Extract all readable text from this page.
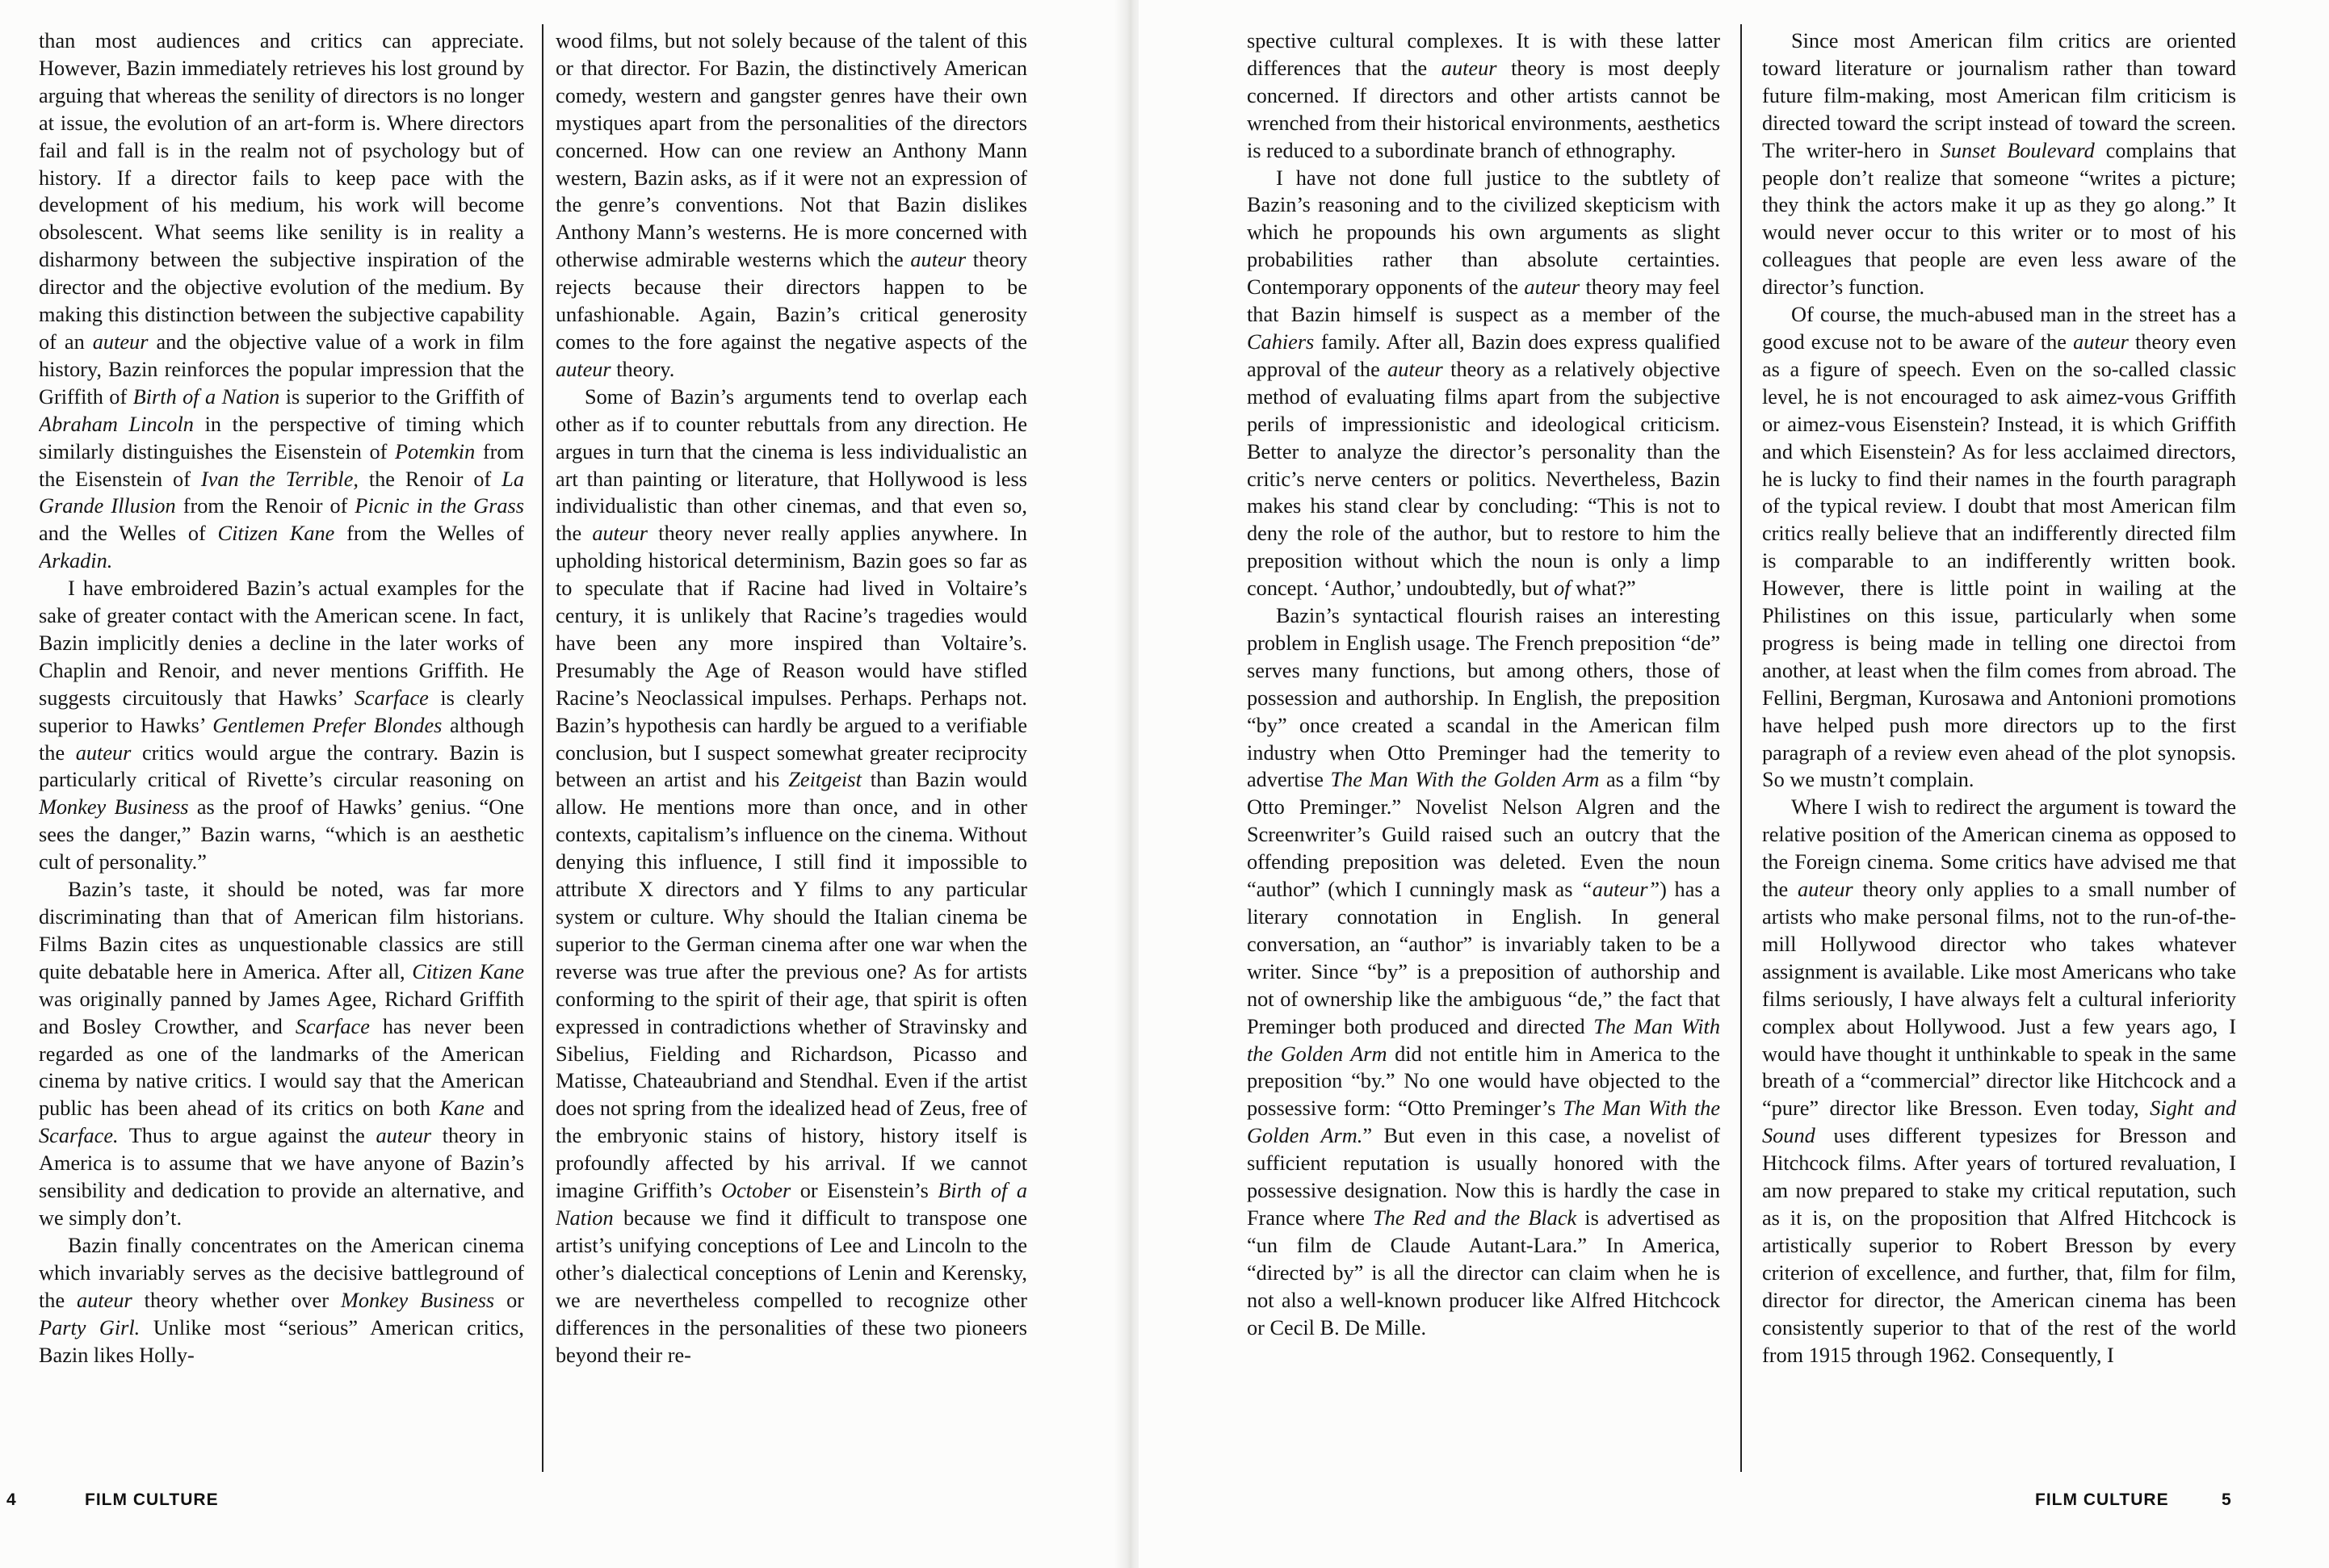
than most audiences and critics can appreciate. However, Bazin immediately retrieves his lost ground by arguing that whereas the senility of directors is no longer at issue, the evolution of an art-form is. Where directors fail and fall is in the realm not of psychology but of history. If a director fails to keep pace with the development of his medium, his work will become obsolescent. What seems like senility is in reality a disharmony between the subjective inspiration of the director and the objective evolution of the medium. By making this distinction between the subjective capability of an auteur and the objective value of a work in film history, Bazin reinforces the popular impression that the Griffith of Birth of a Nation is superior to the Griffith of Abraham Lincoln in the perspective of timing which similarly distinguishes the Eisenstein of Potemkin from the Eisenstein of Ivan the Terrible, the Renoir of La Grande Illusion from the Renoir of Picnic in the Grass and the Welles of Citizen Kane from the Welles of Arkadin.

I have embroidered Bazin’s actual examples for the sake of greater contact with the American scene. In fact, Bazin implicitly denies a decline in the later works of Chaplin and Renoir, and never mentions Griffith. He suggests circuitously that Hawks’ Scarface is clearly superior to Hawks’ Gentlemen Prefer Blondes although the auteur critics would argue the contrary. Bazin is particularly critical of Rivette’s circular reasoning on Monkey Business as the proof of Hawks’ genius. “One sees the danger,” Bazin warns, “which is an aesthetic cult of personality.”

Bazin’s taste, it should be noted, was far more discriminating than that of American film historians. Films Bazin cites as unquestionable classics are still quite debatable here in America. After all, Citizen Kane was originally panned by James Agee, Richard Griffith and Bosley Crowther, and Scarface has never been regarded as one of the landmarks of the American cinema by native critics. I would say that the American public has been ahead of its critics on both Kane and Scarface. Thus to argue against the auteur theory in America is to assume that we have anyone of Bazin’s sensibility and dedication to provide an alternative, and we simply don’t.

Bazin finally concentrates on the American cinema which invariably serves as the decisive battleground of the auteur theory whether over Monkey Business or Party Girl. Unlike most “serious” American critics, Bazin likes Holly-

wood films, but not solely because of the talent of this or that director. For Bazin, the distinctively American comedy, western and gangster genres have their own mystiques apart from the personalities of the directors concerned. How can one review an Anthony Mann western, Bazin asks, as if it were not an expression of the genre’s conventions. Not that Bazin dislikes Anthony Mann’s westerns. He is more concerned with otherwise admirable westerns which the auteur theory rejects because their directors happen to be unfashionable. Again, Bazin’s critical generosity comes to the fore against the negative aspects of the auteur theory.

Some of Bazin’s arguments tend to overlap each other as if to counter rebuttals from any direction. He argues in turn that the cinema is less individualistic an art than painting or literature, that Hollywood is less individualistic than other cinemas, and that even so, the auteur theory never really applies anywhere. In upholding historical determinism, Bazin goes so far as to speculate that if Racine had lived in Voltaire’s century, it is unlikely that Racine’s tragedies would have been any more inspired than Voltaire’s. Presumably the Age of Reason would have stifled Racine’s Neoclassical impulses. Perhaps. Perhaps not. Bazin’s hypothesis can hardly be argued to a verifiable conclusion, but I suspect somewhat greater reciprocity between an artist and his Zeitgeist than Bazin would allow. He mentions more than once, and in other contexts, capitalism’s influence on the cinema. Without denying this influence, I still find it impossible to attribute X directors and Y films to any particular system or culture. Why should the Italian cinema be superior to the German cinema after one war when the reverse was true after the previous one? As for artists conforming to the spirit of their age, that spirit is often expressed in contradictions whether of Stravinsky and Sibelius, Fielding and Richardson, Picasso and Matisse, Chateaubriand and Stendhal. Even if the artist does not spring from the idealized head of Zeus, free of the embryonic stains of history, history itself is profoundly affected by his arrival. If we cannot imagine Griffith’s October or Eisenstein’s Birth of a Nation because we find it difficult to transpose one artist’s unifying conceptions of Lee and Lincoln to the other’s dialectical conceptions of Lenin and Kerensky, we are nevertheless compelled to recognize other differences in the personalities of these two pioneers beyond their re-

4	FILM CULTURE

spective cultural complexes. It is with these latter differences that the auteur theory is most deeply concerned. If directors and other artists cannot be wrenched from their historical environments, aesthetics is reduced to a subordinate branch of ethnography.

I have not done full justice to the subtlety of Bazin’s reasoning and to the civilized skepticism with which he propounds his own arguments as slight probabilities rather than absolute certainties. Contemporary opponents of the auteur theory may feel that Bazin himself is suspect as a member of the Cahiers family. After all, Bazin does express qualified approval of the auteur theory as a relatively objective method of evaluating films apart from the subjective perils of impressionistic and ideological criticism. Better to analyze the director’s personality than the critic’s nerve centers or politics. Nevertheless, Bazin makes his stand clear by concluding: “This is not to deny the role of the author, but to restore to him the preposition without which the noun is only a limp concept. ‘Author,’ undoubtedly, but of what?”

Bazin’s syntactical flourish raises an interesting problem in English usage. The French preposition “de” serves many functions, but among others, those of possession and authorship. In English, the preposition “by” once created a scandal in the American film industry when Otto Preminger had the temerity to advertise The Man With the Golden Arm as a film “by Otto Preminger.” Novelist Nelson Algren and the Screenwriter’s Guild raised such an outcry that the offending preposition was deleted. Even the noun “author” (which I cunningly mask as “auteur”) has a literary connotation in English. In general conversation, an “author” is invariably taken to be a writer. Since “by” is a preposition of authorship and not of ownership like the ambiguous “de,” the fact that Preminger both produced and directed The Man With the Golden Arm did not entitle him in America to the preposition “by.” No one would have objected to the possessive form: “Otto Preminger’s The Man With the Golden Arm.” But even in this case, a novelist of sufficient reputation is usually honored with the possessive designation. Now this is hardly the case in France where The Red and the Black is advertised as “un film de Claude Autant-Lara.” In America, “directed by” is all the director can claim when he is not also a well-known producer like Alfred Hitchcock or Cecil B. De Mille.

Since most American film critics are oriented toward literature or journalism rather than toward future film-making, most American film criticism is directed toward the script instead of toward the screen. The writer-hero in Sunset Boulevard complains that people don’t realize that someone “writes a picture; they think the actors make it up as they go along.” It would never occur to this writer or to most of his colleagues that people are even less aware of the director’s function.

Of course, the much-abused man in the street has a good excuse not to be aware of the auteur theory even as a figure of speech. Even on the so-called classic level, he is not encouraged to ask aimez-vous Griffith or aimez-vous Eisenstein? Instead, it is which Griffith and which Eisenstein? As for less acclaimed directors, he is lucky to find their names in the fourth paragraph of the typical review. I doubt that most American film critics really believe that an indifferently directed film is comparable to an indifferently written book. However, there is little point in wailing at the Philistines on this issue, particularly when some progress is being made in telling one directoi from another, at least when the film comes from abroad. The Fellini, Bergman, Kurosawa and Antonioni promotions have helped push more directors up to the first paragraph of a review even ahead of the plot synopsis. So we mustn’t complain.

Where I wish to redirect the argument is toward the relative position of the American cinema as opposed to the Foreign cinema. Some critics have advised me that the auteur theory only applies to a small number of artists who make personal films, not to the run-of-the-mill Hollywood director who takes whatever assignment is available. Like most Americans who take films seriously, I have always felt a cultural inferiority complex about Hollywood. Just a few years ago, I would have thought it unthinkable to speak in the same breath of a “commercial” director like Hitchcock and a “pure” director like Bresson. Even today, Sight and Sound uses different typesizes for Bresson and Hitchcock films. After years of tortured revaluation, I am now prepared to stake my critical reputation, such as it is, on the proposition that Alfred Hitchcock is artistically superior to Robert Bresson by every criterion of excellence, and further, that, film for film, director for director, the American cinema has been consistently superior to that of the rest of the world from 1915 through 1962. Consequently, I

FILM CULTURE	5
